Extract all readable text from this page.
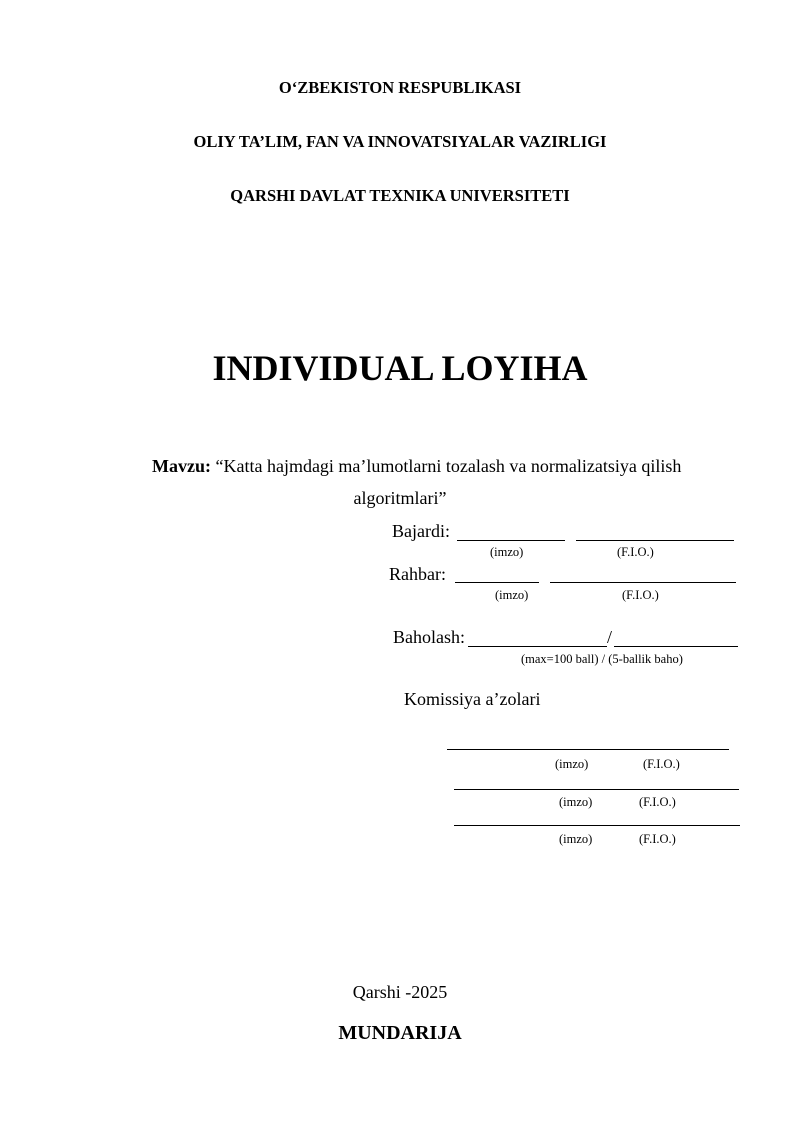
O‘ZBEKISTON RESPUBLIKASI
OLIY TA’LIM, FAN VA INNOVATSIYALAR VAZIRLIGI
QARSHI DAVLAT TEXNIKA UNIVERSITETI
INDIVIDUAL LOYIHA
Mavzu: “Katta hajmdagi ma’lumotlarni tozalash va normalizatsiya qilish
algoritmlari”
Bajardi:
(imzo)	(F.I.O.)
Rahbar:
(imzo)	(F.I.O.)
Baholash:	/
(max=100 ball) / (5-ballik baho)
Komissiya a’zolari
(imzo)	(F.I.O.)
(imzo)	(F.I.O.)
(imzo)	(F.I.O.)
Qarshi -2025
MUNDARIJA
